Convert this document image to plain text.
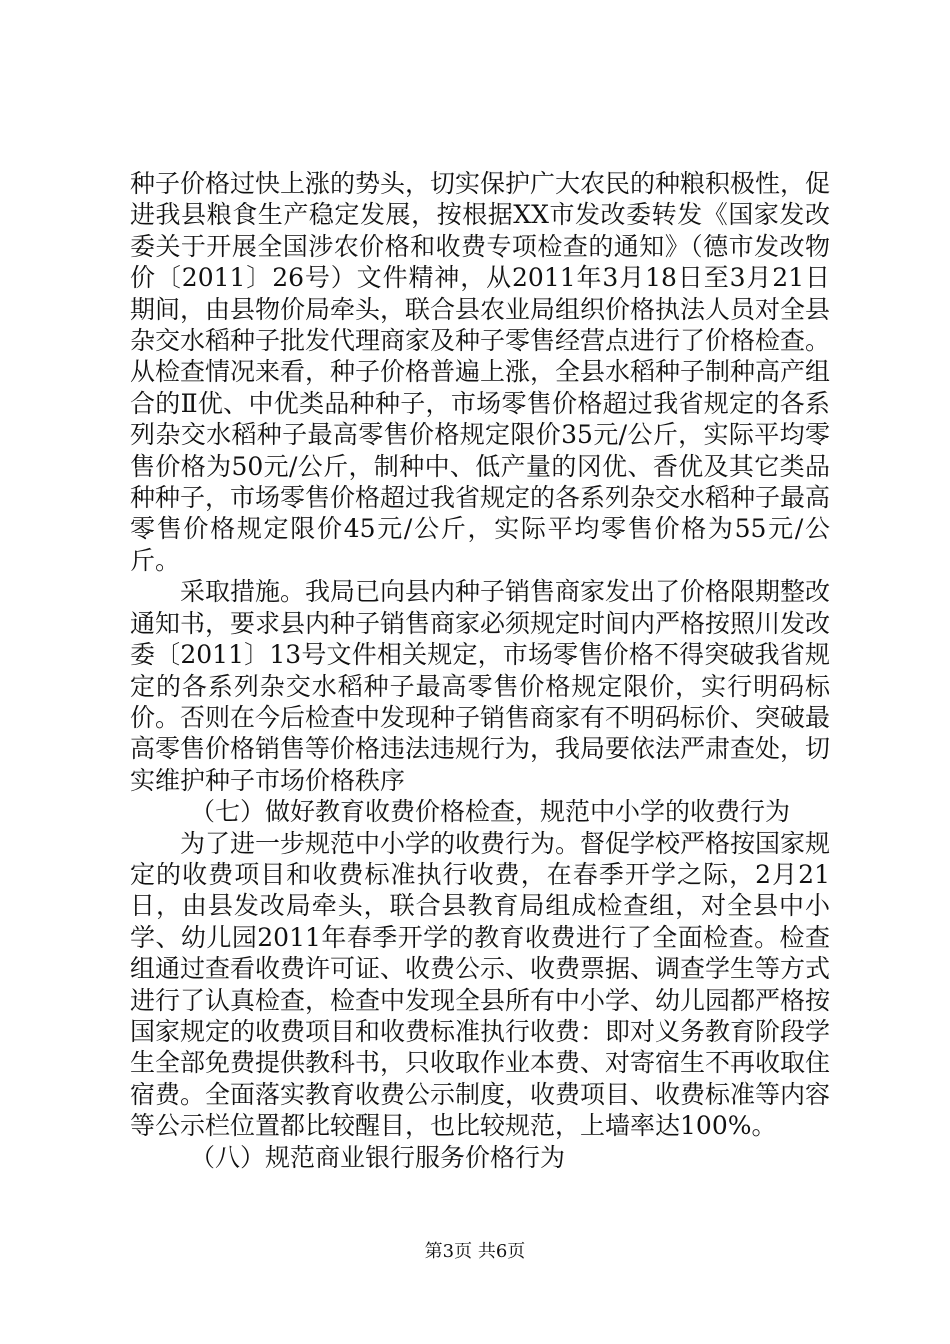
种子价格过快上涨的势头，切实保护广大农民的种粮积极性，促进我县粮食生产稳定发展，按根据XX市发改委转发《国家发改委关于开展全国涉农价格和收费专项检查的通知》（德市发改物价〔2011〕26号）文件精神，从2011年3月18日至3月21日期间，由县物价局牵头，联合县农业局组织价格执法人员对全县杂交水稻种子批发代理商家及种子零售经营点进行了价格检查。从检查情况来看，种子价格普遍上涨，全县水稻种子制种高产组合的Ⅱ优、中优类品种种子，市场零售价格超过我省规定的各系列杂交水稻种子最高零售价格规定限价35元/公斤，实际平均零售价格为50元/公斤，制种中、低产量的冈优、香优及其它类品种种子，市场零售价格超过我省规定的各系列杂交水稻种子最高零售价格规定限价45元/公斤，实际平均零售价格为55元/公斤。

采取措施。我局已向县内种子销售商家发出了价格限期整改通知书，要求县内种子销售商家必须规定时间内严格按照川发改委〔2011〕13号文件相关规定，市场零售价格不得突破我省规定的各系列杂交水稻种子最高零售价格规定限价，实行明码标价。否则在今后检查中发现种子销售商家有不明码标价、突破最高零售价格销售等价格违法违规行为，我局要依法严肃查处，切实维护种子市场价格秩序

（七）做好教育收费价格检查，规范中小学的收费行为

为了进一步规范中小学的收费行为。督促学校严格按国家规定的收费项目和收费标准执行收费，在春季开学之际，2月21日，由县发改局牵头，联合县教育局组成检查组，对全县中小学、幼儿园2011年春季开学的教育收费进行了全面检查。检查组通过查看收费许可证、收费公示、收费票据、调查学生等方式进行了认真检查，检查中发现全县所有中小学、幼儿园都严格按国家规定的收费项目和收费标准执行收费：即对义务教育阶段学生全部免费提供教科书，只收取作业本费、对寄宿生不再收取住宿费。全面落实教育收费公示制度，收费项目、收费标准等内容等公示栏位置都比较醒目，也比较规范，上墙率达100%。

（八）规范商业银行服务价格行为

第3页 共6页
